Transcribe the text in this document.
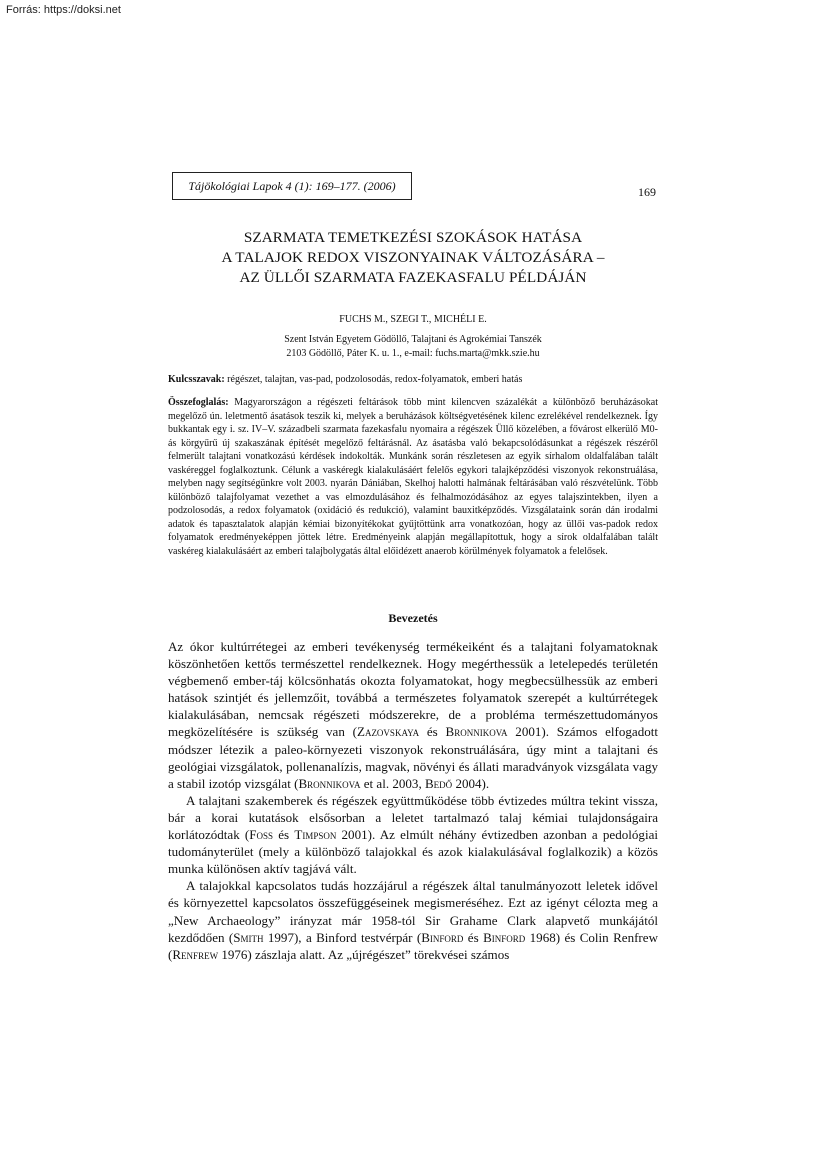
Forrás: https://doksi.net
Tájökológiai Lapok 4 (1): 169–177. (2006)	169
SZARMATA TEMETKEZÉSI SZOKÁSOK HATÁSA
A TALAJOK REDOX VISZONYAINAK VÁLTOZÁSÁRA –
AZ ÜLLŐI SZARMATA FAZEKASFALU PÉLDÁJÁN
FUCHS M., SZEGI T., MICHÉLI E.
Szent István Egyetem Gödöllő, Talajtani és Agrokémiai Tanszék
2103 Gödöllő, Páter K. u. 1., e-mail: fuchs.marta@mkk.szie.hu
Kulcsszavak: régészet, talajtan, vas-pad, podzolosodás, redox-folyamatok, emberi hatás
Összefoglalás: Magyarországon a régészeti feltárások több mint kilencven százalékát a különböző beruházásokat megelőző ún. leletmentő ásatások teszik ki, melyek a beruházások költségvetésének kilenc ezrelékével rendelkeznek. Így bukkantak egy i. sz. IV–V. századbeli szarmata fazekasfalu nyomaira a régészek Üllő közelében, a fővárost elkerülő M0-ás körgyűrű új szakaszának építését megelőző feltárásnál. Az ásatásba való bekapcsolódásunkat a régészek részéről felmerült talajtani vonatkozású kérdések indokolták. Munkánk során részletesen az egyik sírhalom oldalfalában talált vaskéreggel foglalkoztunk. Célunk a vaskéregk kialakulásáért felelős egykori talajképződési viszonyok rekonstruálása, melyben nagy segítségünkre volt 2003. nyarán Dániában, Skelhoj halotti halmának feltárásában való részvételünk. Több különböző talajfolyamat vezethet a vas elmozdulásához és felhalmozódásához az egyes talajszintekben, ilyen a podzolosodás, a redox folyamatok (oxidáció és redukció), valamint bauxitképződés. Vizsgálataink során dán irodalmi adatok és tapasztalatok alapján kémiai bizonyítékokat gyűjtöttünk arra vonatkozóan, hogy az üllői vas-padok redox folyamatok eredményeképpen jöttek létre. Eredményeink alapján megállapítottuk, hogy a sírok oldalfalában talált vaskéreg kialakulásáért az emberi talajbolygatás által előidézett anaerob körülmények folyamatok a felelősek.
Bevezetés

Az ókor kultúrrétegei az emberi tevékenység termékeiként és a talajtani folyamatoknak köszönhetően kettős természettel rendelkeznek. Hogy megérthessük a letelepedés területén végbemenő ember-táj kölcsönhatás okozta folyamatokat, hogy megbecsülhessük az emberi hatások szintjét és jellemzőit, továbbá a természetes folyamatok szerepét a kultúrrétegek kialakulásában, nemcsak régészeti módszerekre, de a probléma természettudományos megközelítésére is szükség van (Zazovskaya és Bronnikova 2001). Számos elfogadott módszer létezik a paleo-környezeti viszonyok rekonstruálására, úgy mint a talajtani és geológiai vizsgálatok, pollenanalízis, magvak, növényi és állati maradványok vizsgálata vagy a stabil izotóp vizsgálat (Bronnikova et al. 2003, Bedő 2004).

A talajtani szakemberek és régészek együttműködése több évtizedes múltra tekint vissza, bár a korai kutatások elsősorban a leletet tartalmazó talaj kémiai tulajdonságaira korlátozódtak (Foss és Timpson 2001). Az elmúlt néhány évtizedben azonban a pedológiai tudományterület (mely a különböző talajokkal és azok kialakulásával foglalkozik) a közös munka különösen aktív tagjává vált.

A talajokkal kapcsolatos tudás hozzájárul a régészek által tanulmányozott leletek idővel és környezettel kapcsolatos összefüggéseinek megismeréséhez. Ezt az igényt célozta meg a „New Archaeology” irányzat már 1958-tól Sir Grahame Clark alapvető munkájától kezdődően (Smith 1997), a Binford testvérpár (Binford és Binford 1968) és Colin Renfrew (Renfrew 1976) zászlaja alatt. Az „újrégészet” törekvései számos
